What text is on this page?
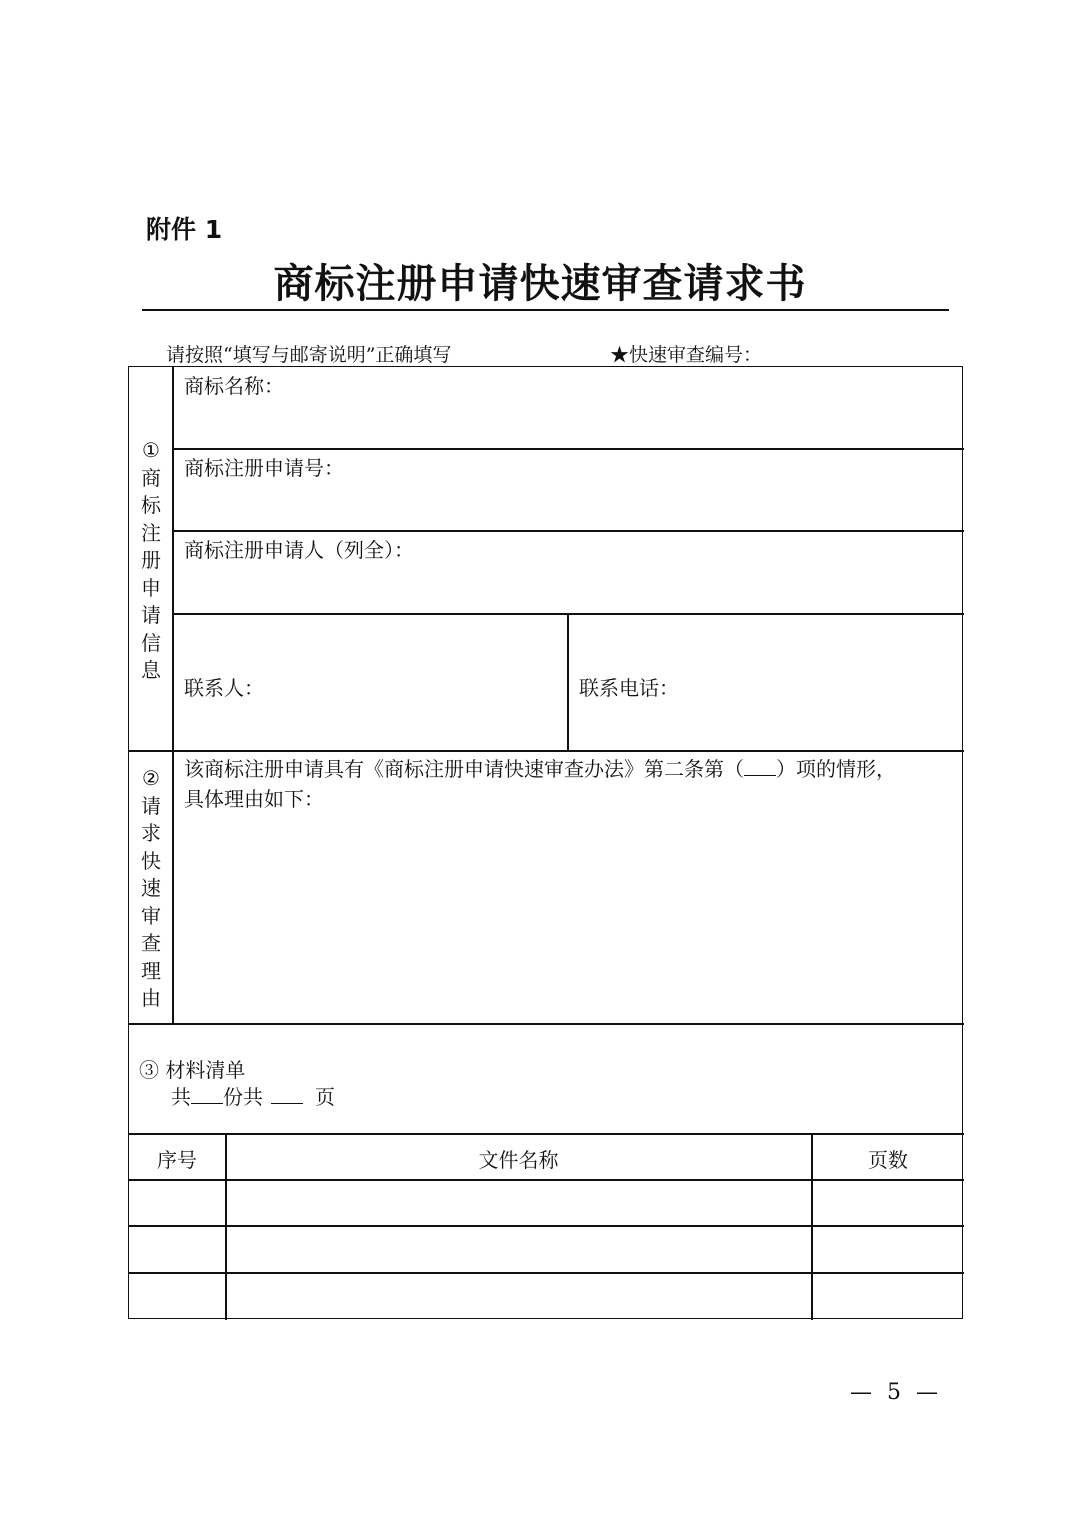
附件 1
商标注册申请快速审查请求书
请按照“填写与邮寄说明”正确填写	★快速审查编号：
①
商
标
注
册
申
请
信
息
商标名称：
商标注册申请号：
商标注册申请人（列全）：
联系人：	联系电话：
②
请
求
快
速
审
查
理
由
该商标注册申请具有《商标注册申请快速审查办法》第二条第（ ）项的情形，
具体理由如下：
③ 材料清单
共 份共	页
序号	文件名称	页数
— 5 —
